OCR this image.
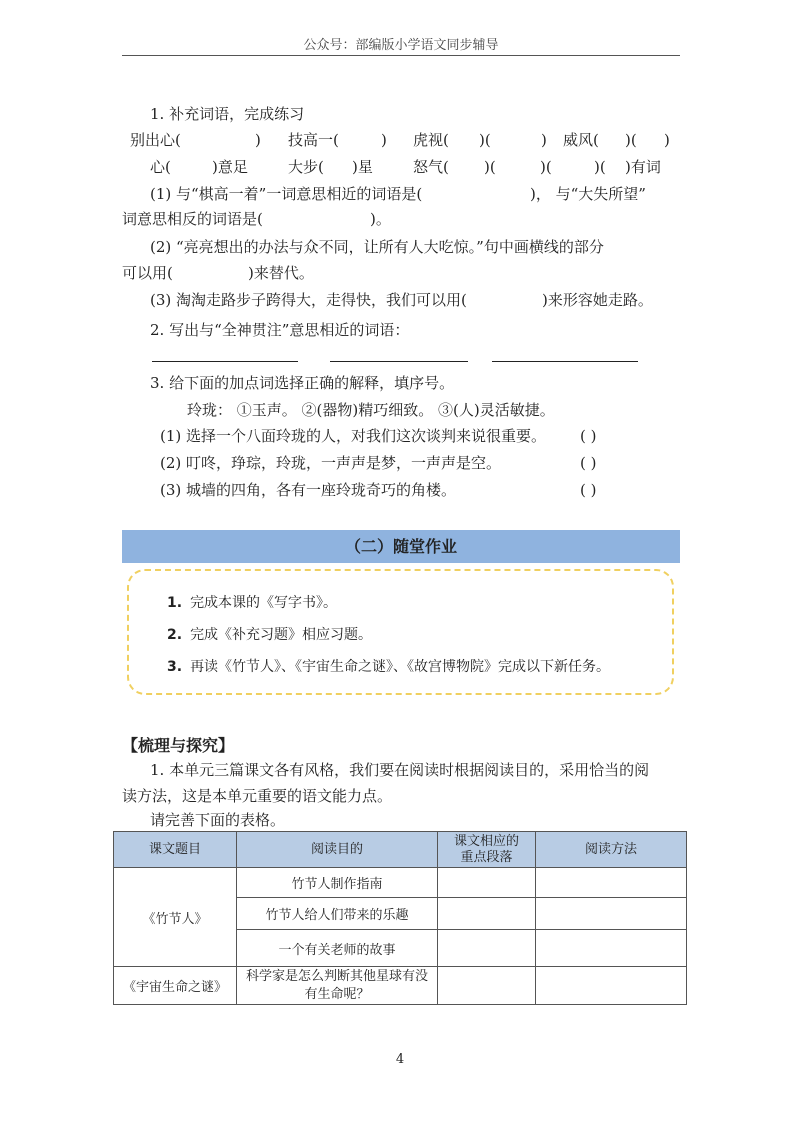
公众号：部编版小学语文同步辅导
1. 补充词语，完成练习
别出心(	) 技高一(	) 虎视( )(	) 威风( )( )
心(	)意足	大步( )星	怒气( )(	)(	)( )有词
(1) 与“棋高一着”一词意思相近的词语是(	)， 与“大失所望”
词意思相反的词语是(	)。
(2) “亮亮想出的办法与众不同，让所有人大吃惊。”句中画横线的部分
可以用(	)来替代。
(3) 淘淘走路步子跨得大，走得快，我们可以用(	)来形容她走路。
2. 写出与“全神贯注”意思相近的词语：
3. 给下面的加点词选择正确的解释，填序号。
玲珑： ①玉声。 ②(器物)精巧细致。 ③(人)灵活敏捷。
(1) 选择一个八面玲珑的人，对我们这次谈判来说很重要。 ( )
(2) 叮咚，琤琮，玲珑，一声声是梦，一声声是空。	( )
(3) 城墙的四角，各有一座玲珑奇巧的角楼。	( )
（二）随堂作业
1. 完成本课的《写字书》。
2. 完成《补充习题》相应习题。
3. 再读《竹节人》、《宇宙生命之谜》、《故宫博物院》完成以下新任务。
【梳理与探究】
1. 本单元三篇课文各有风格，我们要在阅读时根据阅读目的，采用恰当的阅
读方法，这是本单元重要的语文能力点。
请完善下面的表格。
课文题目	阅读目的	课文相应的
重点段落	阅读方法
《竹节人》	竹节人制作指南		
	竹节人给人们带来的乐趣		
	一个有关老师的故事		
《宇宙生命之谜》	科学家是怎么判断其他星球有没有生命呢？		
4
